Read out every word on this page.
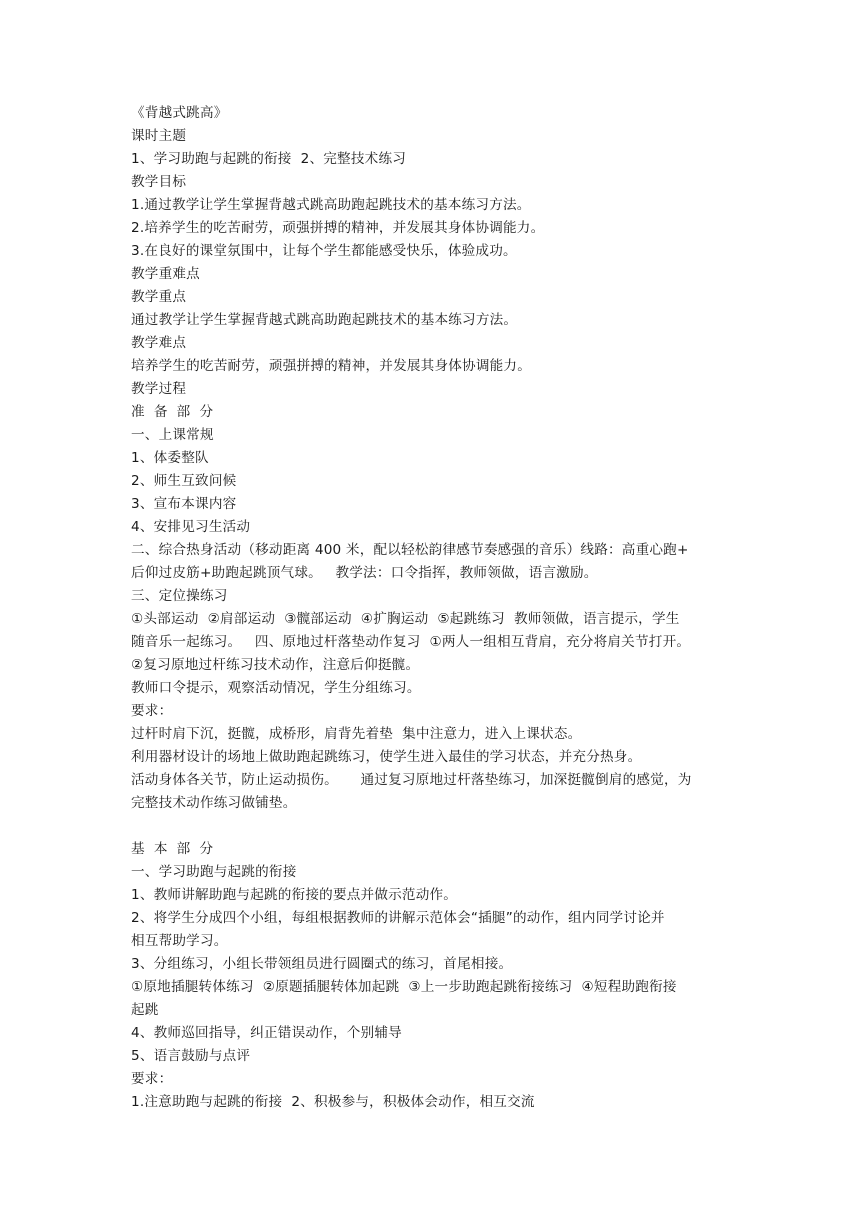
《背越式跳高》
课时主题
1、学习助跑与起跳的衔接  2、完整技术练习
教学目标
1.通过教学让学生掌握背越式跳高助跑起跳技术的基本练习方法。
2.培养学生的吃苦耐劳，顽强拼搏的精神，并发展其身体协调能力。
3.在良好的课堂氛围中，让每个学生都能感受快乐，体验成功。
教学重难点
教学重点
通过教学让学生掌握背越式跳高助跑起跳技术的基本练习方法。
教学难点
培养学生的吃苦耐劳，顽强拼搏的精神，并发展其身体协调能力。
教学过程
准  备  部  分
一、上课常规
1、体委整队
2、师生互致问候
3、宣布本课内容
4、安排见习生活动
二、综合热身活动（移动距离 400 米，配以轻松韵律感节奏感强的音乐）线路：高重心跑+
后仰过皮筋+助跑起跳顶气球。   教学法：口令指挥，教师领做，语言激励。
三、定位操练习
①头部运动  ②肩部运动  ③髋部运动  ④扩胸运动  ⑤起跳练习  教师领做，语言提示，学生
随音乐一起练习。   四、原地过杆落垫动作复习  ①两人一组相互背肩，充分将肩关节打开。
②复习原地过杆练习技术动作，注意后仰挺髋。
教师口令提示，观察活动情况，学生分组练习。
要求：
过杆时肩下沉，挺髋，成桥形，肩背先着垫  集中注意力，进入上课状态。
利用器材设计的场地上做助跑起跳练习，使学生进入最佳的学习状态，并充分热身。
活动身体各关节，防止运动损伤。     通过复习原地过杆落垫练习，加深挺髋倒肩的感觉，为
完整技术动作练习做铺垫。
基  本  部  分
一、学习助跑与起跳的衔接
1、教师讲解助跑与起跳的衔接的要点并做示范动作。
2、将学生分成四个小组，每组根据教师的讲解示范体会“插腿”的动作，组内同学讨论并
相互帮助学习。
3、分组练习，小组长带领组员进行圆圈式的练习，首尾相接。
①原地插腿转体练习  ②原题插腿转体加起跳  ③上一步助跑起跳衔接练习  ④短程助跑衔接
起跳
4、教师巡回指导，纠正错误动作，个别辅导
5、语言鼓励与点评
要求：
1.注意助跑与起跳的衔接  2、积极参与，积极体会动作，相互交流
